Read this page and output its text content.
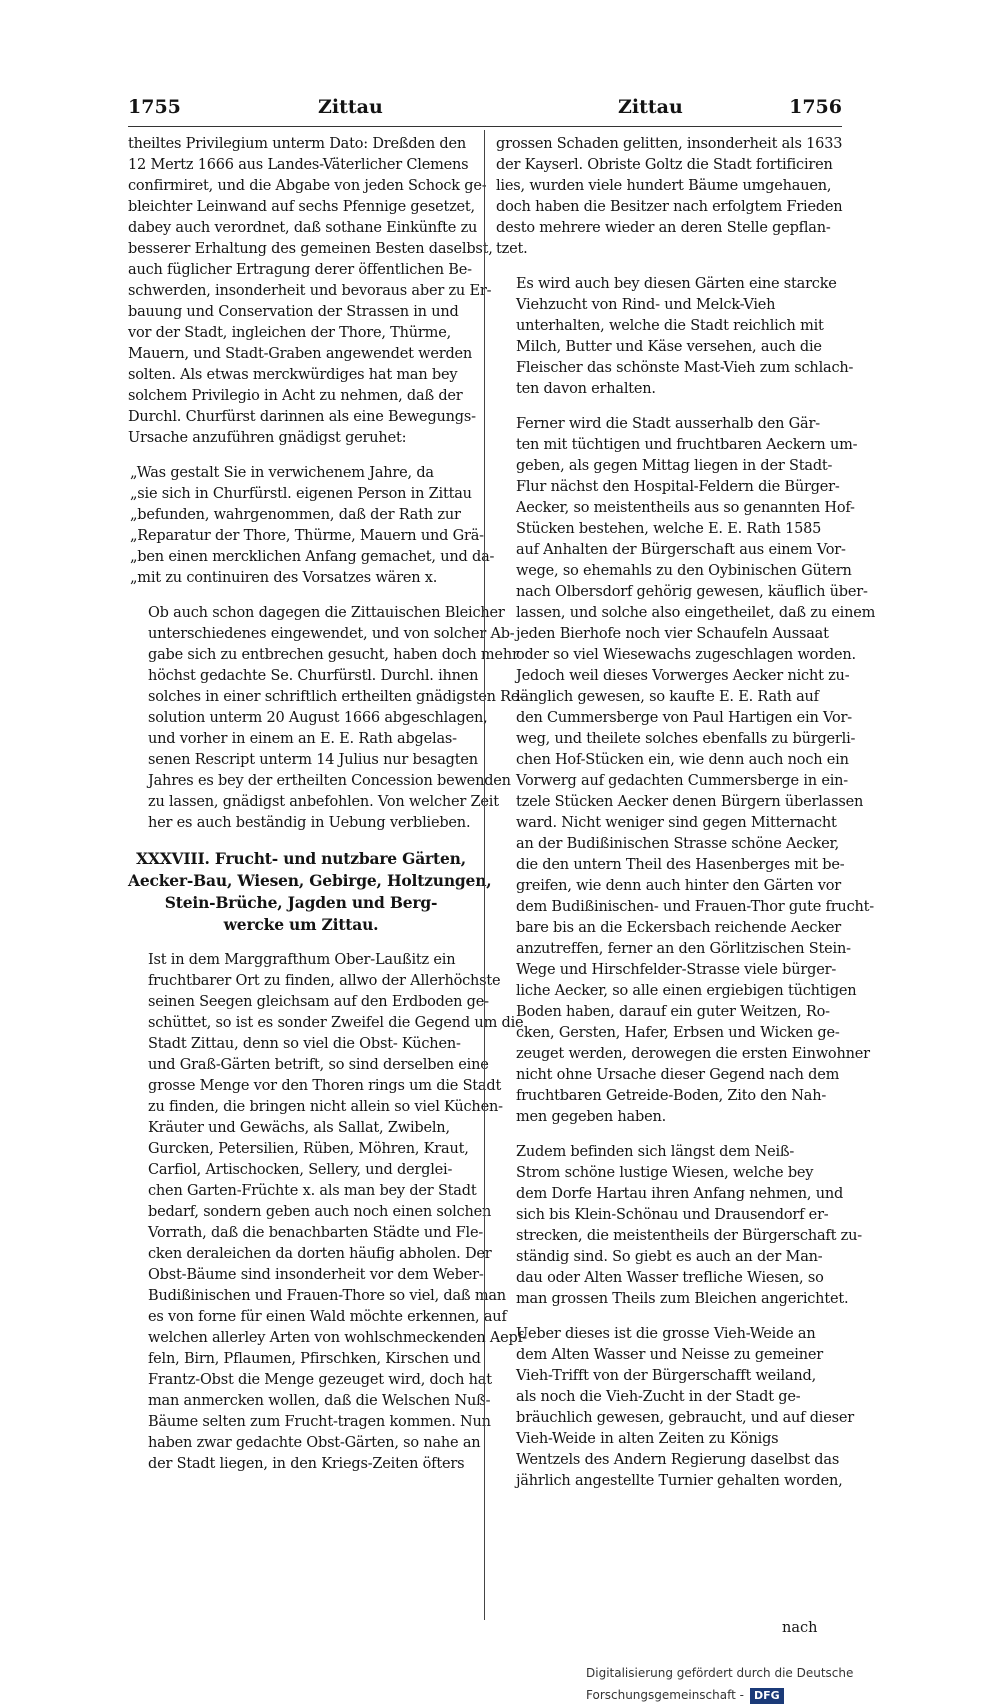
1755	Zittau	Zittau	1756

theiltes Privilegium unterm Dato: Dreßden den
12 Mertz 1666 aus Landes-Väterlicher Clemens
confirmiret, und die Abgabe von jeden Schock ge-
bleichter Leinwand auf sechs Pfennige gesetzet,
dabey auch verordnet, daß sothane Einkünfte zu
besserer Erhaltung des gemeinen Besten daselbst,
auch füglicher Ertragung derer öffentlichen Be-
schwerden, insonderheit und bevoraus aber zu Er-
bauung und Conservation der Strassen in und
vor der Stadt, ingleichen der Thore, Thürme,
Mauern, und Stadt-Graben angewendet werden
solten. Als etwas merckwürdiges hat man bey
solchem Privilegio in Acht zu nehmen, daß der
Durchl. Churfürst darinnen als eine Bewegungs-
Ursache anzuführen gnädigst geruhet:

„Was gestalt Sie in verwichenem Jahre, da
„sie sich in Churfürstl. eigenen Person in Zittau
„befunden, wahrgenommen, daß der Rath zur
„Reparatur der Thore, Thürme, Mauern und Grä-
„ben einen mercklichen Anfang gemachet, und da-
„mit zu continuiren des Vorsatzes wären x.

Ob auch schon dagegen die Zittauischen Bleicher
unterschiedenes eingewendet, und von solcher Ab-
gabe sich zu entbrechen gesucht, haben doch mehr
höchst gedachte Se. Churfürstl. Durchl. ihnen
solches in einer schriftlich ertheilten gnädigsten Re-
solution unterm 20 August 1666 abgeschlagen,
und vorher in einem an E. E. Rath abgelas-
senen Rescript unterm 14 Julius nur besagten
Jahres es bey der ertheilten Concession bewenden
zu lassen, gnädigst anbefohlen. Von welcher Zeit
her es auch beständig in Uebung verblieben.

XXXVIII. Frucht- und nutzbare Gärten,
Aecker-Bau, Wiesen, Gebirge, Holtzungen,
Stein-Brüche, Jagden und Berg-
wercke um Zittau.

Ist in dem Marggrafthum Ober-Laußitz ein
fruchtbarer Ort zu finden, allwo der Allerhöchste
seinen Seegen gleichsam auf den Erdboden ge-
schüttet, so ist es sonder Zweifel die Gegend um die
Stadt Zittau, denn so viel die Obst- Küchen-
und Graß-Gärten betrift, so sind derselben eine
grosse Menge vor den Thoren rings um die Stadt
zu finden, die bringen nicht allein so viel Küchen-
Kräuter und Gewächs, als Sallat, Zwibeln,
Gurcken, Petersilien, Rüben, Möhren, Kraut,
Carfiol, Artischocken, Sellery, und derglei-
chen Garten-Früchte x. als man bey der Stadt
bedarf, sondern geben auch noch einen solchen
Vorrath, daß die benachbarten Städte und Fle-
cken deraleichen da dorten häufig abholen. Der
Obst-Bäume sind insonderheit vor dem Weber-
Budißinischen und Frauen-Thore so viel, daß man
es von forne für einen Wald möchte erkennen, auf
welchen allerley Arten von wohlschmeckenden Aepf-
feln, Birn, Pflaumen, Pfirschken, Kirschen und
Frantz-Obst die Menge gezeuget wird, doch hat
man anmercken wollen, daß die Welschen Nuß-
Bäume selten zum Frucht-tragen kommen. Nun
haben zwar gedachte Obst-Gärten, so nahe an
der Stadt liegen, in den Kriegs-Zeiten öfters

grossen Schaden gelitten, insonderheit als 1633
der Kayserl. Obriste Goltz die Stadt fortificiren
lies, wurden viele hundert Bäume umgehauen,
doch haben die Besitzer nach erfolgtem Frieden
desto mehrere wieder an deren Stelle gepflan-
tzet.

Es wird auch bey diesen Gärten eine starcke
Viehzucht von Rind- und Melck-Vieh
unterhalten, welche die Stadt reichlich mit
Milch, Butter und Käse versehen, auch die
Fleischer das schönste Mast-Vieh zum schlach-
ten davon erhalten.

Ferner wird die Stadt ausserhalb den Gär-
ten mit tüchtigen und fruchtbaren Aeckern um-
geben, als gegen Mittag liegen in der Stadt-
Flur nächst den Hospital-Feldern die Bürger-
Aecker, so meistentheils aus so genannten Hof-
Stücken bestehen, welche E. E. Rath 1585
auf Anhalten der Bürgerschaft aus einem Vor-
wege, so ehemahls zu den Oybinischen Gütern
nach Olbersdorf gehörig gewesen, käuflich über-
lassen, und solche also eingetheilet, daß zu einem
jeden Bierhofe noch vier Schaufeln Aussaat
oder so viel Wiesewachs zugeschlagen worden.
Jedoch weil dieses Vorwerges Aecker nicht zu-
länglich gewesen, so kaufte E. E. Rath auf
den Cummersberge von Paul Hartigen ein Vor-
weg, und theilete solches ebenfalls zu bürgerli-
chen Hof-Stücken ein, wie denn auch noch ein
Vorwerg auf gedachten Cummersberge in ein-
tzele Stücken Aecker denen Bürgern überlassen
ward. Nicht weniger sind gegen Mitternacht
an der Budißinischen Strasse schöne Aecker,
die den untern Theil des Hasenberges mit be-
greifen, wie denn auch hinter den Gärten vor
dem Budißinischen- und Frauen-Thor gute frucht-
bare bis an die Eckersbach reichende Aecker
anzutreffen, ferner an den Görlitzischen Stein-
Wege und Hirschfelder-Strasse viele bürger-
liche Aecker, so alle einen ergiebigen tüchtigen
Boden haben, darauf ein guter Weitzen, Ro-
cken, Gersten, Hafer, Erbsen und Wicken ge-
zeuget werden, derowegen die ersten Einwohner
nicht ohne Ursache dieser Gegend nach dem
fruchtbaren Getreide-Boden, Zito den Nah-
men gegeben haben.

Zudem befinden sich längst dem Neiß-
Strom schöne lustige Wiesen, welche bey
dem Dorfe Hartau ihren Anfang nehmen, und
sich bis Klein-Schönau und Drausendorf er-
strecken, die meistentheils der Bürgerschaft zu-
ständig sind. So giebt es auch an der Man-
dau oder Alten Wasser trefliche Wiesen, so
man grossen Theils zum Bleichen angerichtet.

Ueber dieses ist die grosse Vieh-Weide an
dem Alten Wasser und Neisse zu gemeiner
Vieh-Trifft von der Bürgerschafft weiland,
als noch die Vieh-Zucht in der Stadt ge-
bräuchlich gewesen, gebraucht, und auf dieser
Vieh-Weide in alten Zeiten zu Königs
Wentzels des Andern Regierung daselbst das
jährlich angestellte Turnier gehalten worden,

nach
Digitalisierung gefördert durch die Deutsche Forschungsgemeinschaft - DFG
